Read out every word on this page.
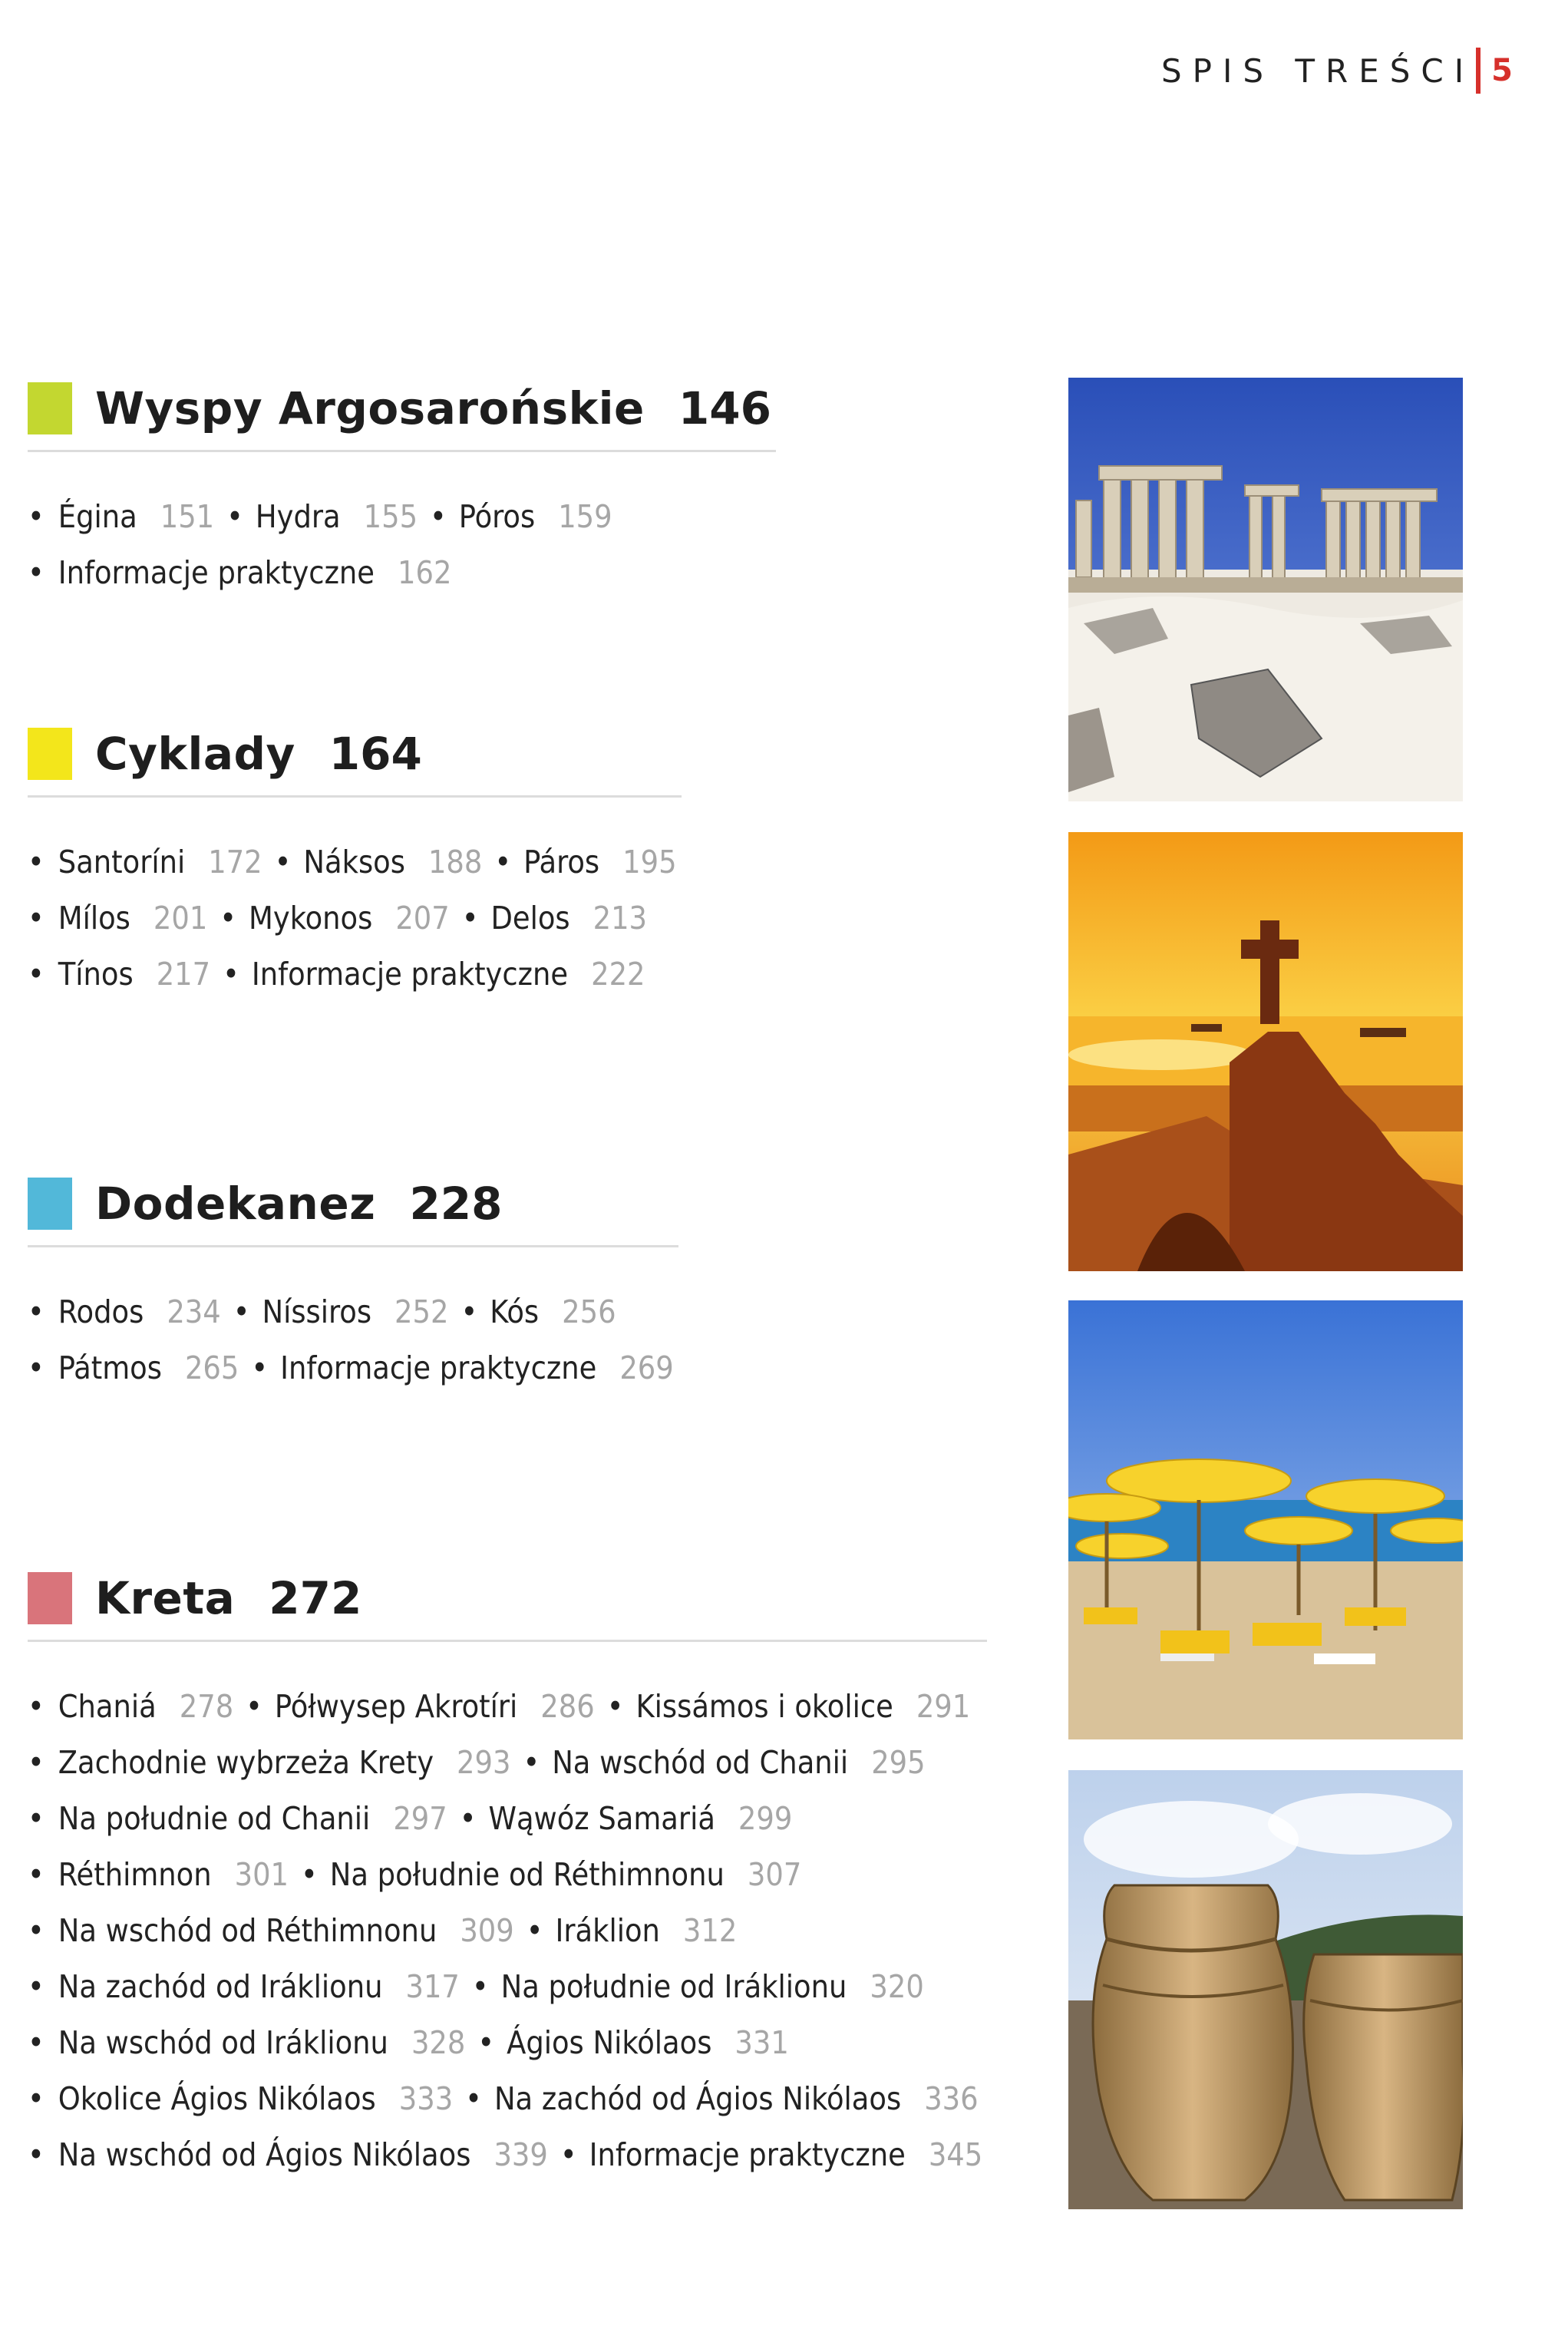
SPIS TREŚCI 5
Wyspy Argosarońskie 146
• Égina 151 • Hydra 155 • Póros 159
• Informacje praktyczne 162
Cyklady 164
• Santoríni 172 • Náksos 188 • Páros 195
• Mílos 201 • Mykonos 207 • Delos 213
• Tínos 217 • Informacje praktyczne 222
Dodekanez 228
• Rodos 234 • Níssiros 252 • Kós 256
• Pátmos 265 • Informacje praktyczne 269
Kreta 272
• Chaniá 278 • Półwysep Akrotíri 286 • Kissámos i okolice 291
• Zachodnie wybrzeża Krety 293 • Na wschód od Chanii 295
• Na południe od Chanii 297 • Wąwóz Samariá 299
• Réthimnon 301 • Na południe od Réthimnonu 307
• Na wschód od Réthimnonu 309 • Iráklion 312
• Na zachód od Iráklionu 317 • Na południe od Iráklionu 320
• Na wschód od Iráklionu 328 • Ágios Nikólaos 331
• Okolice Ágios Nikólaos 333 • Na zachód od Ágios Nikólaos 336
• Na wschód od Ágios Nikólaos 339 • Informacje praktyczne 345
